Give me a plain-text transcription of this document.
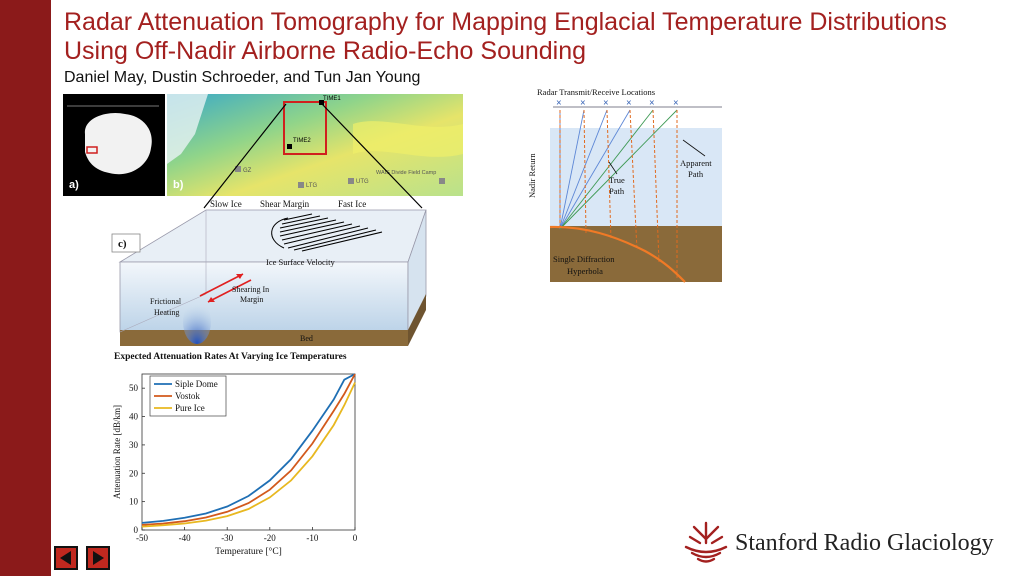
Radar Attenuation Tomography for Mapping Englacial Temperature Distributions Using Off-Nadir Airborne Radio-Echo Sounding
Daniel May, Dustin Schroeder, and Tun Jan Young
a)
TIME1
TIME2
GZ
LTG
UTG
WAIS Divide Field Camp
b)
Slow Ice Shear Margin	Fast Ice
c)
Ice Surface Velocity
Shearing In
Margin
Frictional
Heating
Bed
Radar Transmit/Receive Locations
× × × × × ×
Nadir Return	Apparent
Path
True
Path
Single Diffraction
Hyperbola
Expected Attenuation Rates At Varying Ice Temperatures
-50	-40	-30	-20	-10	0
0
10
20
30
40
50
Temperature [°C]
Attenuation Rate [dB/km]
Siple Dome
Vostok
Pure Ice
Stanford Radio Glaciology
